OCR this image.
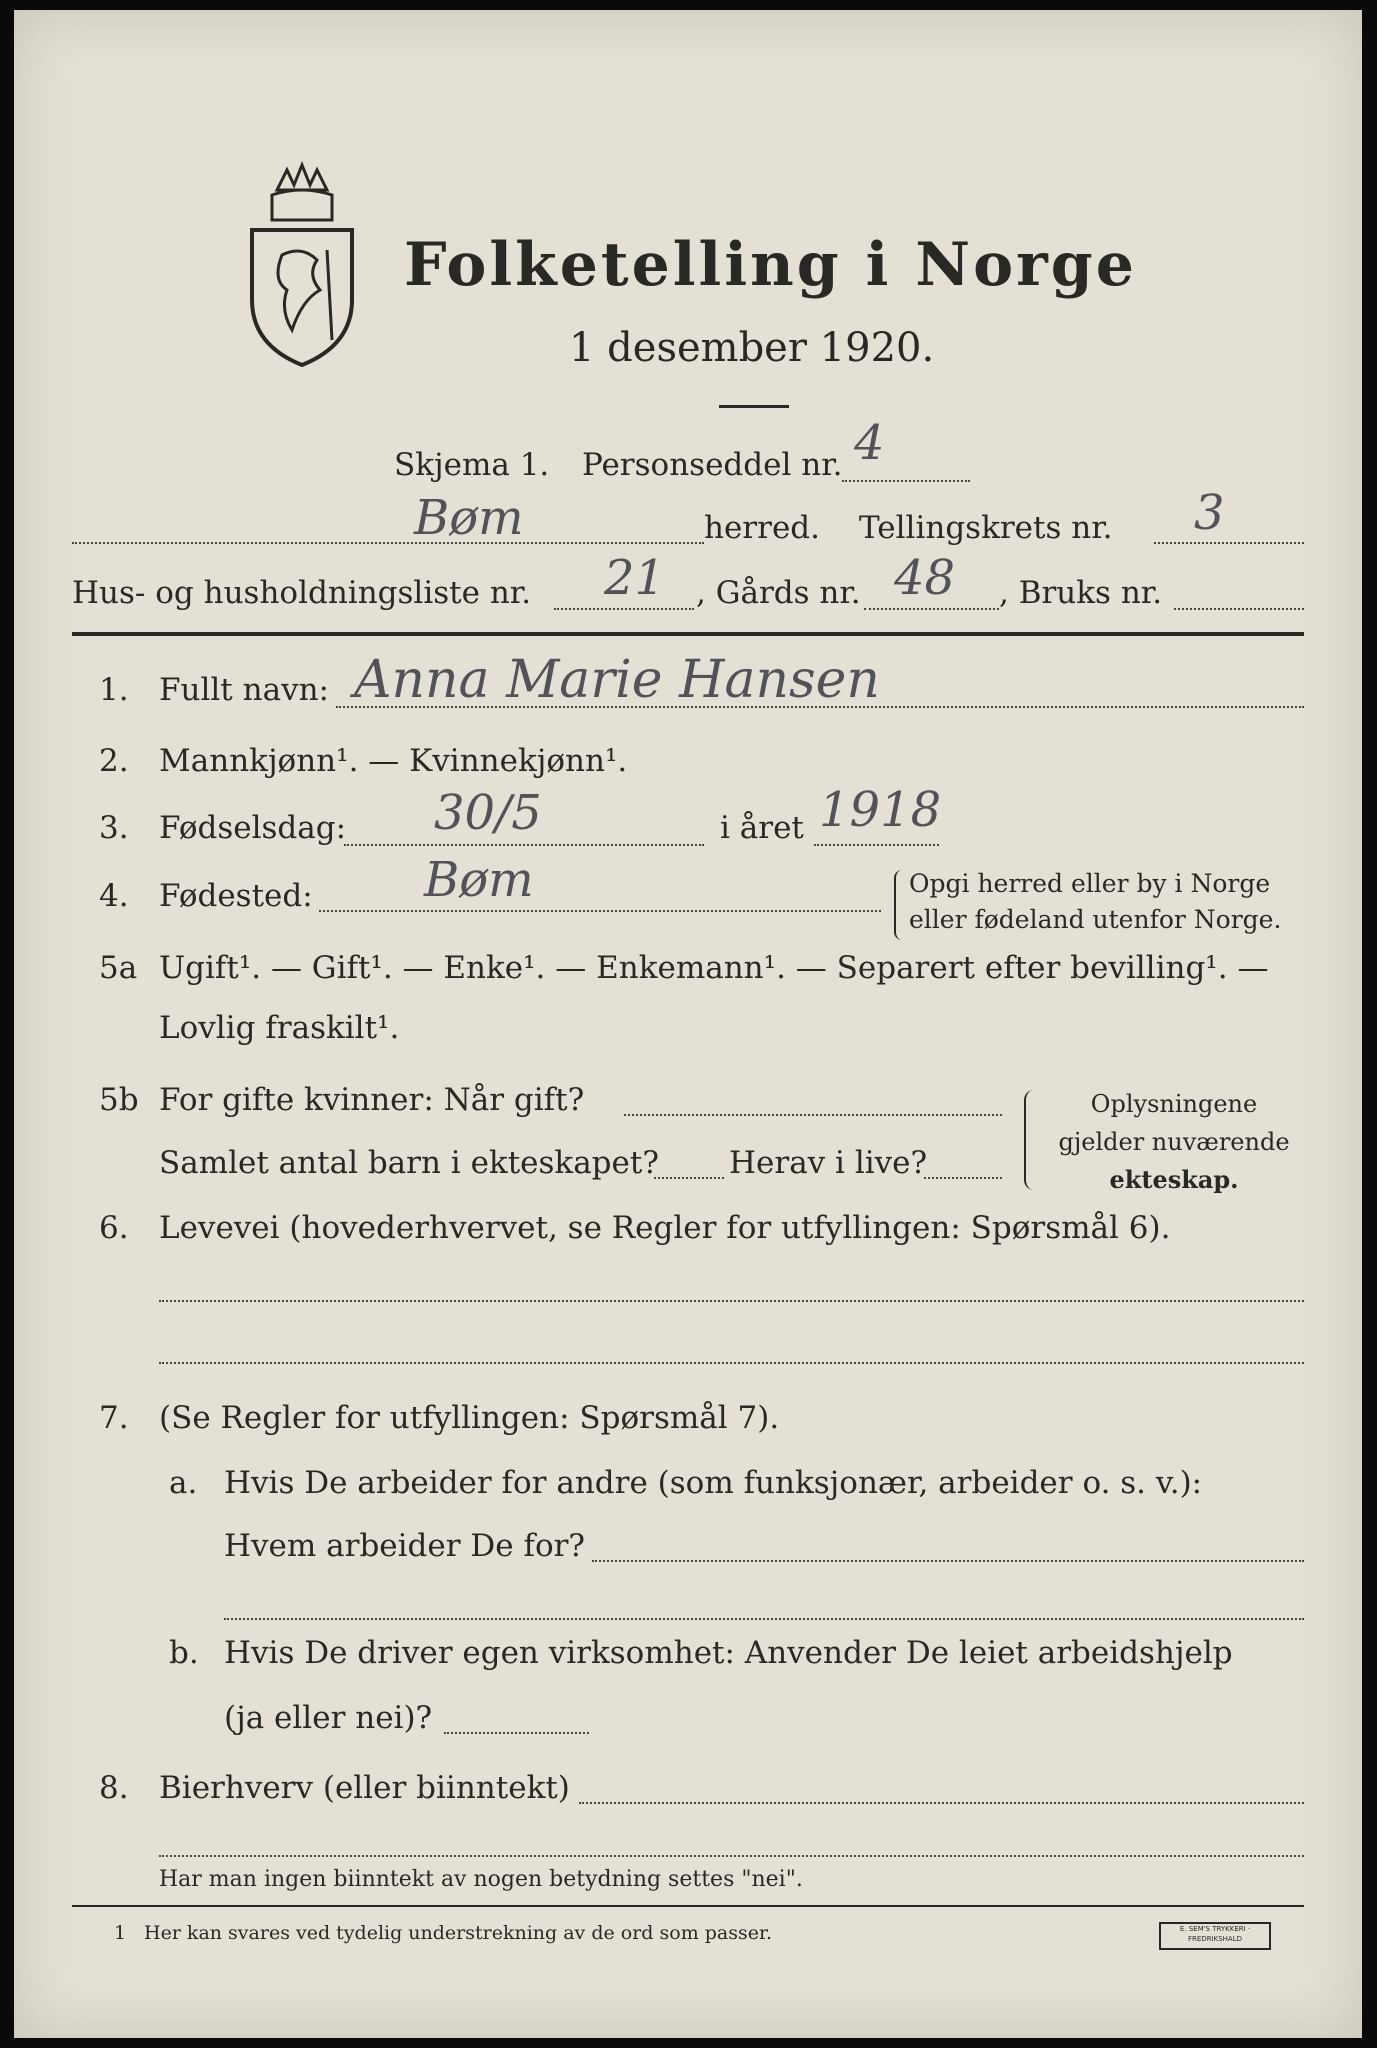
Folketelling i Norge
1 desember 1920.
Skjema 1. Personseddel nr. 4
Bøm	herred. Tellingskrets nr. 3
Hus- og husholdningsliste nr. 21 , Gårds nr. 48 , Bruks nr.
1. Fullt navn: Anna Marie Hansen
2. Mannkjønn¹. — Kvinnekjønn¹.
3. Fødselsdag: 30/5	i året 1918
4. Fødested: Bøm	Opgi herred eller by i Norge
eller fødeland utenfor Norge.
5a Ugift¹. — Gift¹. — Enke¹. — Enkemann¹. — Separert efter bevilling¹. —
Lovlig fraskilt¹.
5b For gifte kvinner: Når gift?
Samlet antal barn i ekteskapet? Herav i live?
Oplysningene
gjelder nuværende
ekteskap.
6. Levevei (hovederhvervet, se Regler for utfyllingen: Spørsmål 6).
7. (Se Regler for utfyllingen: Spørsmål 7).
a. Hvis De arbeider for andre (som funksjonær, arbeider o. s. v.):
Hvem arbeider De for?
b. Hvis De driver egen virksomhet: Anvender De leiet arbeidshjelp
(ja eller nei)?
8. Bierhverv (eller biinntekt)
Har man ingen biinntekt av nogen betydning settes "nei".
1 Her kan svares ved tydelig understrekning av de ord som passer.	E. SEM'S TRYKKERI · FREDRIKSHALD
